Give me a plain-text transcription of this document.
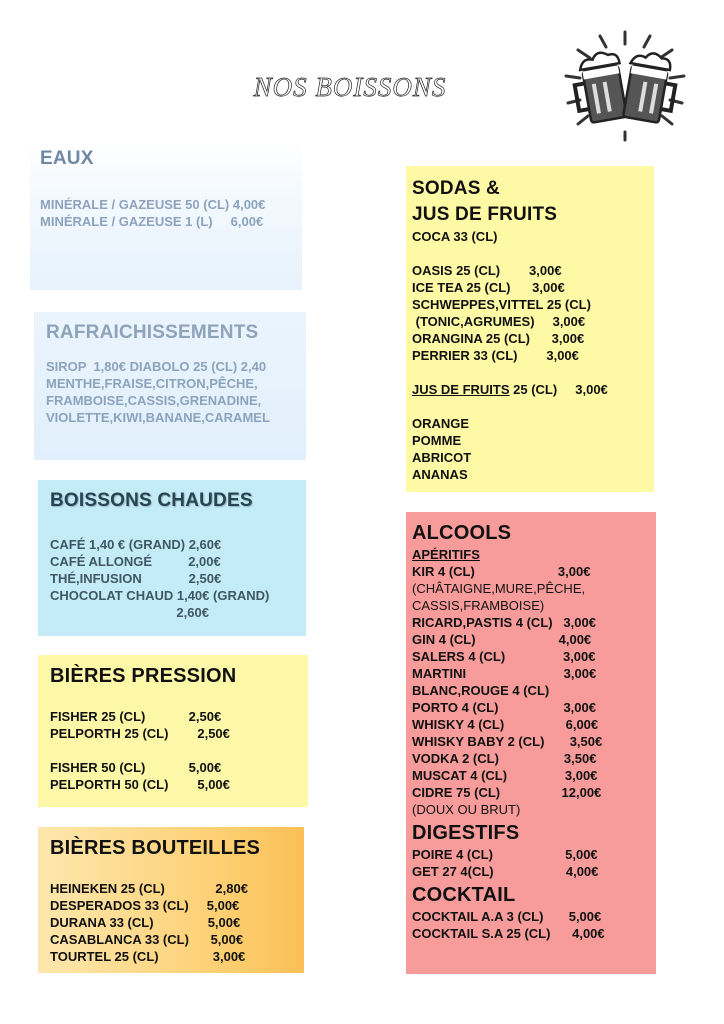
NOS BOISSONS
EAUX
MINÉRALE / GAZEUSE 50 (CL) 4,00€
MINÉRALE / GAZEUSE 1 (L)     6,00€
RAFRAICHISSEMENTS
SIROP  1,80€ DIABOLO 25 (CL) 2,40
MENTHE,FRAISE,CITRON,PÊCHE,
FRAMBOISE,CASSIS,GRENADINE,
VIOLETTE,KIWI,BANANE,CARAMEL
BOISSONS CHAUDES
CAFÉ 1,40 € (GRAND) 2,60€
CAFÉ ALLONGÉ          2,00€
THÉ,INFUSION             2,50€
CHOCOLAT CHAUD 1,40€ (GRAND)
2,60€
BIÈRES PRESSION
FISHER 25 (CL)            2,50€
PELPORTH 25 (CL)        2,50€
FISHER 50 (CL)            5,00€
PELPORTH 50 (CL)        5,00€
BIÈRES BOUTEILLES
HEINEKEN 25 (CL)              2,80€
DESPERADOS 33 (CL)     5,00€
DURANA 33 (CL)               5,00€
CASABLANCA 33 (CL)      5,00€
TOURTEL 25 (CL)               3,00€
SODAS &
JUS DE FRUITS
COCA 33 (CL)
OASIS 25 (CL)        3,00€
ICE TEA 25 (CL)      3,00€
SCHWEPPES,VITTEL 25 (CL)
(TONIC,AGRUMES)     3,00€
ORANGINA 25 (CL)      3,00€
PERRIER 33 (CL)        3,00€
JUS DE FRUITS 25 (CL)     3,00€
ORANGE
POMME
ABRICOT
ANANAS
ALCOOLS
APÉRITIFS
KIR 4 (CL)                       3,00€
(CHÂTAIGNE,MURE,PÊCHE,
CASSIS,FRAMBOISE)
RICARD,PASTIS 4 (CL)   3,00€
GIN 4 (CL)                       4,00€
SALERS 4 (CL)                3,00€
MARTINI                           3,00€
BLANC,ROUGE 4 (CL)
PORTO 4 (CL)                  3,00€
WHISKY 4 (CL)                 6,00€
WHISKY BABY 2 (CL)       3,50€
VODKA 2 (CL)                  3,50€
MUSCAT 4 (CL)                3,00€
CIDRE 75 (CL)                 12,00€
(DOUX OU BRUT)
DIGESTIFS
POIRE 4 (CL)                    5,00€
GET 27 4(CL)                    4,00€
COCKTAIL
COCKTAIL A.A 3 (CL)       5,00€
COCKTAIL S.A 25 (CL)      4,00€
